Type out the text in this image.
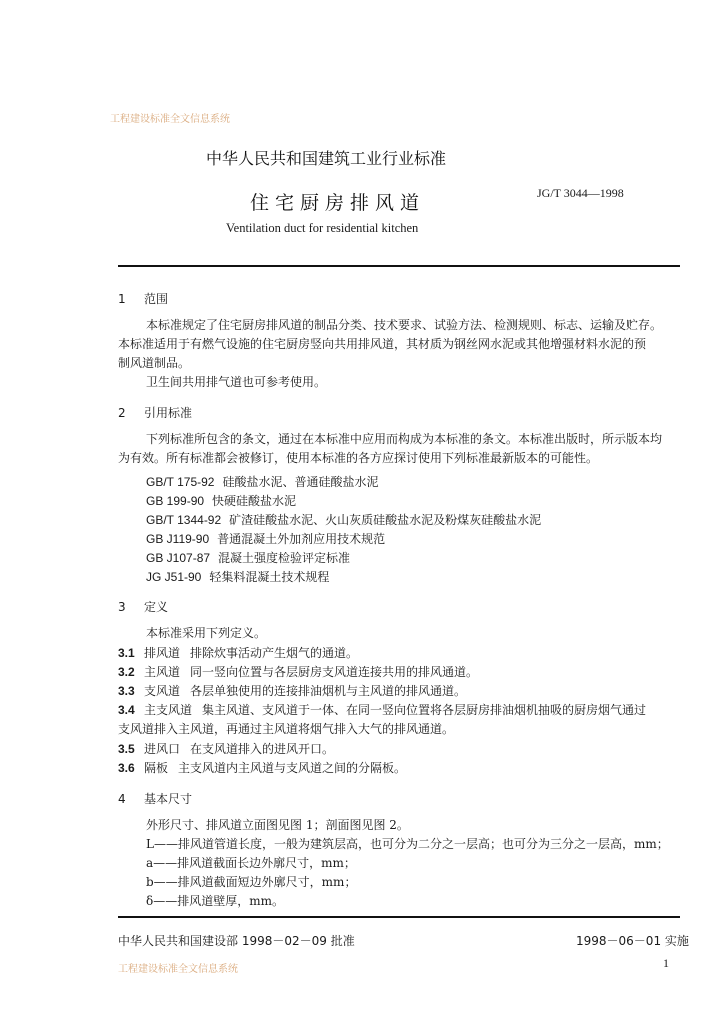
工程建设标准全文信息系统
中华人民共和国建筑工业行业标准
住宅厨房排风道	JG/T 3044—1998
Ventilation duct for residential kitchen
1 范围
本标准规定了住宅厨房排风道的制品分类、技术要求、试验方法、检测规则、标志、运输及贮存。
本标准适用于有燃气设施的住宅厨房竖向共用排风道，其材质为钢丝网水泥或其他增强材料水泥的预
制风道制品。
卫生间共用排气道也可参考使用。
2 引用标准
下列标准所包含的条文，通过在本标准中应用而构成为本标准的条文。本标准出版时，所示版本均
为有效。所有标准都会被修订，使用本标准的各方应探讨使用下列标准最新版本的可能性。
GB/T 175-92 硅酸盐水泥、普通硅酸盐水泥
GB 199-90 快硬硅酸盐水泥
GB/T 1344-92 矿渣硅酸盐水泥、火山灰质硅酸盐水泥及粉煤灰硅酸盐水泥
GB J119-90 普通混凝土外加剂应用技术规范
GB J107-87 混凝土强度检验评定标准
JG J51-90 轻集料混凝土技术规程
3 定义
本标准采用下列定义。
3.1 排风道 排除炊事活动产生烟气的通道。
3.2 主风道 同一竖向位置与各层厨房支风道连接共用的排风通道。
3.3 支风道 各层单独使用的连接排油烟机与主风道的排风通道。
3.4 主支风道 集主风道、支风道于一体、在同一竖向位置将各层厨房排油烟机抽吸的厨房烟气通过
支风道排入主风道，再通过主风道将烟气排入大气的排风通道。
3.5 进风口 在支风道排入的进风开口。
3.6 隔板 主支风道内主风道与支风道之间的分隔板。
4 基本尺寸
外形尺寸、排风道立面图见图 1；剖面图见图 2。
L——排风道管道长度，一般为建筑层高，也可分为二分之一层高；也可分为三分之一层高，mm；
a——排风道截面长边外廓尺寸，mm；
b——排风道截面短边外廓尺寸，mm；
δ——排风道壁厚，mm。
中华人民共和国建设部 1998－02－09 批准	1998－06－01 实施
工程建设标准全文信息系统	1
